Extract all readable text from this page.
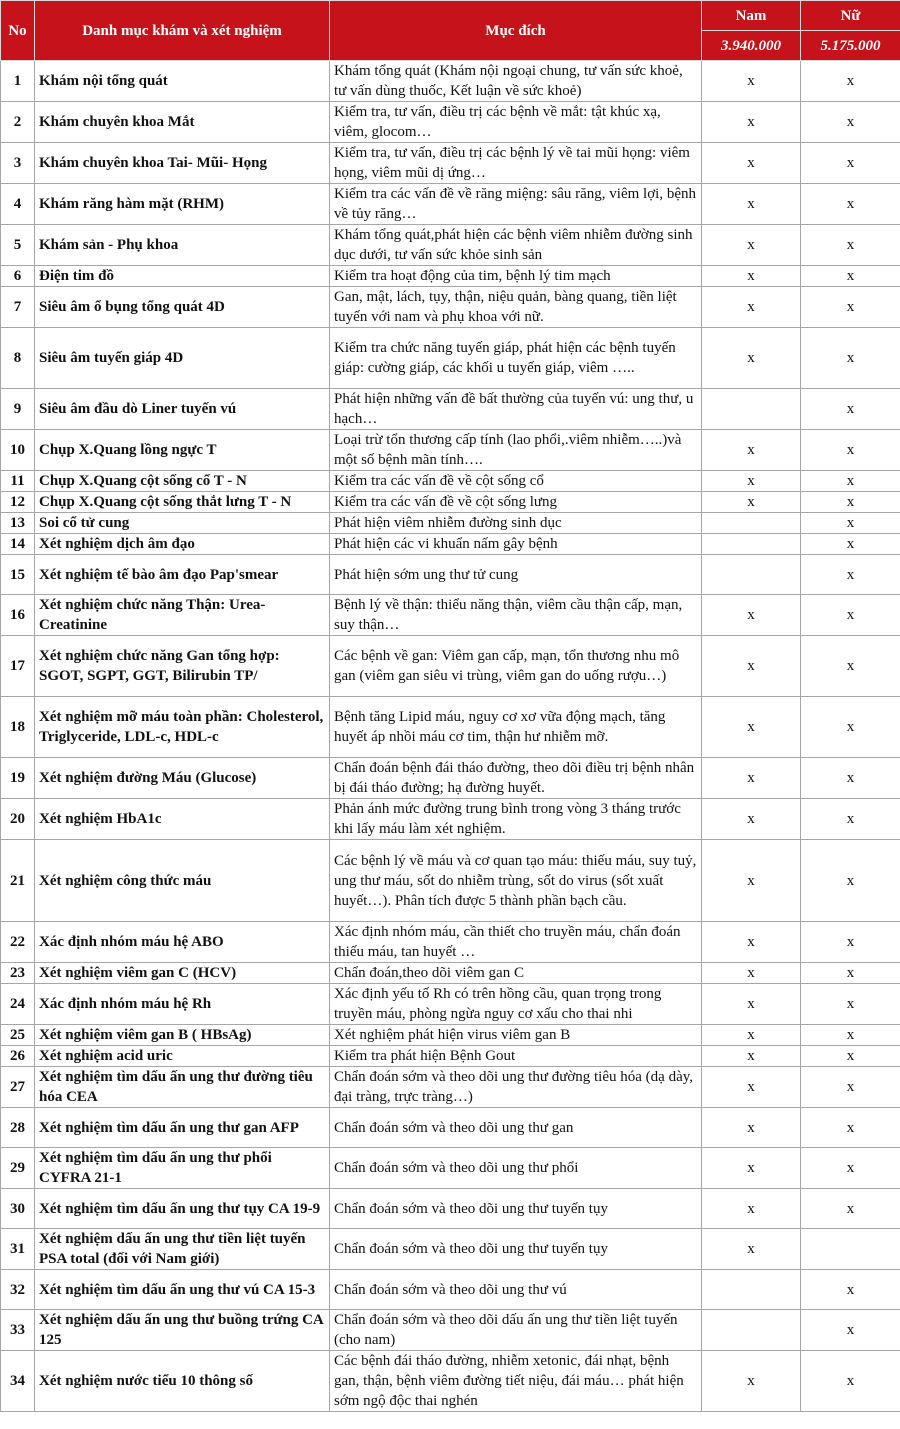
No	Danh mục khám và xét nghiệm	Mục đích	Nam	Nữ
			3.940.000	5.175.000
1	Khám nội tổng quát	Khám tổng quát (Khám nội ngoại chung, tư vấn sức khoẻ, tư vấn dùng thuốc, Kết luận về sức khoẻ)	x	x
2	Khám chuyên khoa Mắt	Kiểm tra, tư vấn, điều trị các bệnh về mắt: tật khúc xạ, viêm, glocom…	x	x
3	Khám chuyên khoa Tai- Mũi- Họng	Kiểm tra, tư vấn, điều trị các bệnh lý về tai mũi họng: viêm họng, viêm mũi dị ứng…	x	x
4	Khám răng hàm mặt (RHM)	Kiểm tra các vấn đề về răng miệng: sâu răng, viêm lợi, bệnh về tủy răng…	x	x
5	Khám sản - Phụ khoa	Khám tổng quát,phát hiện các bệnh viêm nhiễm đường sinh dục dưới, tư vấn sức khỏe sinh sản	x	x
6	Điện tim đồ	Kiểm tra hoạt động của tim, bệnh lý tim mạch	x	x
7	Siêu âm ổ bụng tổng quát 4D	Gan, mật, lách, tụy, thận, niệu quản, bàng quang, tiền liệt tuyến với nam và phụ khoa với nữ.	x	x
8	Siêu âm tuyến giáp 4D	Kiểm tra chức năng tuyến giáp, phát hiện các bệnh tuyến giáp: cường giáp, các khối u tuyến giáp, viêm …..	x	x
9	Siêu âm đầu dò Liner tuyến vú	Phát hiện những vấn đề bất thường của tuyến vú: ung thư, u hạch…		x
10	Chụp X.Quang lồng ngực T	Loại trừ tổn thương cấp tính (lao phổi,.viêm nhiễm…..)và một số bệnh mãn tính….	x	x
11	Chụp X.Quang cột sống cổ T - N	Kiểm tra các vấn đề về cột sống cổ	x	x
12	Chụp X.Quang cột sống thắt lưng T - N	Kiểm tra các vấn đề về cột sống lưng	x	x
13	Soi cổ tử cung	Phát hiện viêm nhiễm đường sinh dục		x
14	Xét nghiệm dịch âm đạo	Phát hiện các vi khuẩn nấm gây bệnh		x
15	Xét nghiệm tế bào âm đạo Pap'smear	Phát hiện sớm ung thư tử cung		x
16	Xét nghiệm chức năng Thận: Urea-Creatinine	Bệnh lý về thận: thiểu năng thận, viêm cầu thận cấp, mạn, suy thận…	x	x
17	Xét nghiệm chức năng Gan tổng hợp: SGOT, SGPT, GGT, Bilirubin TP/	Các bệnh về gan: Viêm gan cấp, mạn, tổn thương nhu mô gan (viêm gan siêu vi trùng, viêm gan do uống rượu…)	x	x
18	Xét nghiệm mỡ máu toàn phần: Cholesterol, Triglyceride, LDL-c, HDL-c	Bệnh tăng Lipid máu, nguy cơ xơ vữa động mạch, tăng huyết áp nhồi máu cơ tim, thận hư nhiễm mỡ.	x	x
19	Xét nghiệm đường Máu (Glucose)	Chẩn đoán bệnh đái tháo đường, theo dõi điều trị bệnh nhân bị đái tháo đường; hạ đường huyết.	x	x
20	Xét nghiệm HbA1c	Phản ánh mức đường trung bình trong vòng 3 tháng trước khi lấy máu làm xét nghiệm.	x	x
21	Xét nghiệm công thức máu	Các bệnh lý về máu và cơ quan tạo máu: thiếu máu, suy tuỷ, ung thư máu, sốt do nhiễm trùng, sốt do virus (sốt xuất huyết…). Phân tích được 5 thành phần bạch cầu.	x	x
22	Xác định nhóm máu hệ ABO	Xác định nhóm máu, cần thiết cho truyền máu, chẩn đoán thiếu máu, tan huyết …	x	x
23	Xét nghiệm viêm gan C (HCV)	Chẩn đoán,theo dõi viêm gan C	x	x
24	Xác định nhóm máu hệ Rh	Xác định yếu tố Rh có trên hồng cầu, quan trọng trong truyền máu, phòng ngừa nguy cơ xấu cho thai nhi	x	x
25	Xét nghiệm viêm gan B ( HBsAg)	Xét nghiệm phát hiện virus viêm gan B	x	x
26	Xét nghiệm acid uric	Kiểm tra phát hiện Bệnh Gout	x	x
27	Xét nghiệm tìm dấu ấn ung thư đường tiêu hóa CEA	Chẩn đoán sớm và theo dõi ung thư đường tiêu hóa (dạ dày, đại tràng, trực tràng…)	x	x
28	Xét nghiệm tìm dấu ấn ung thư gan AFP	Chẩn đoán sớm và theo dõi ung thư gan	x	x
29	Xét nghiệm tìm dấu ấn ung thư phổi CYFRA 21-1	Chẩn đoán sớm và theo dõi ung thư phổi	x	x
30	Xét nghiệm tìm dấu ấn ung thư tụy CA 19-9	Chẩn đoán sớm và theo dõi ung thư tuyến tụy	x	x
31	Xét nghiệm dấu ấn ung thư tiền liệt tuyến PSA total (đối với Nam giới)	Chẩn đoán sớm và theo dõi ung thư tuyến tụy	x	
32	Xét nghiệm tìm dấu ấn ung thư vú CA 15-3	Chẩn đoán sớm và theo dõi ung thư vú		x
33	Xét nghiệm dấu ấn ung thư buồng trứng CA 125	Chẩn đoán sớm và theo dõi dấu ấn ung thư tiền liệt tuyến (cho nam)		x
34	Xét nghiệm nước tiểu 10 thông số	Các bệnh đái tháo đường, nhiễm xetonic, đái nhạt, bệnh gan, thận, bệnh viêm đường tiết niệu, đái máu… phát hiện sớm ngộ độc thai nghén	x	x
